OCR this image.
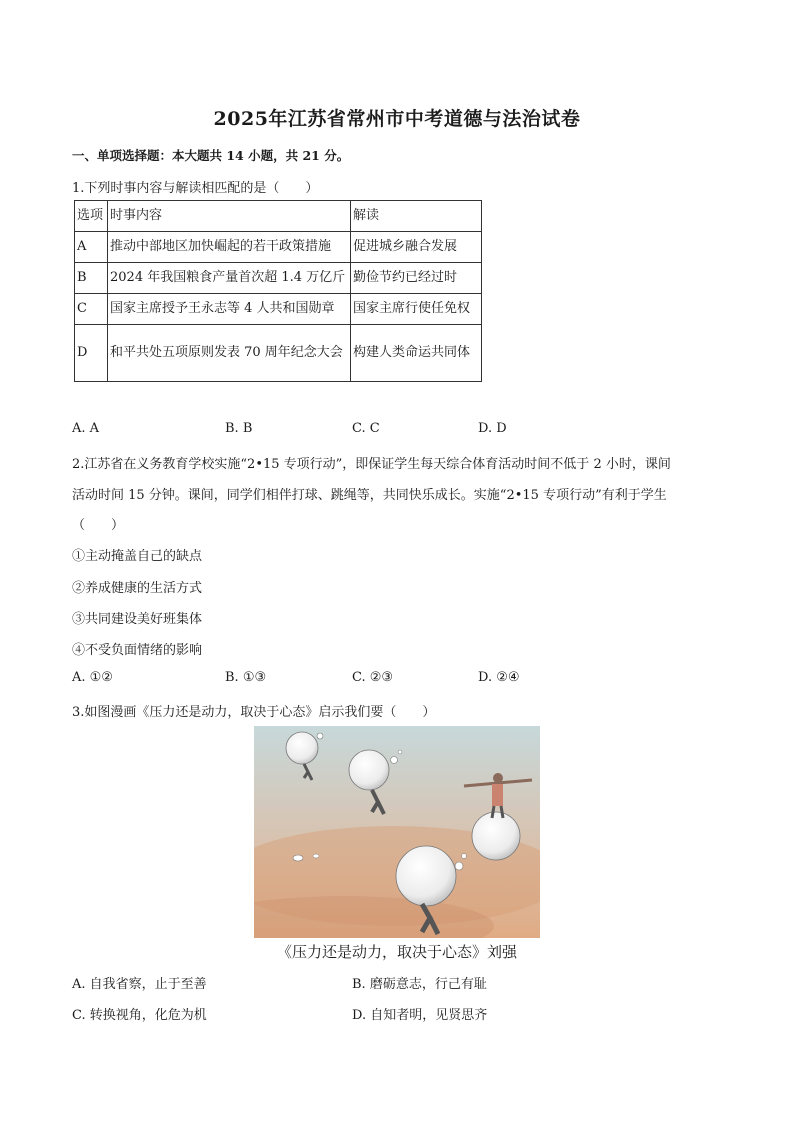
2025年江苏省常州市中考道德与法治试卷
一、单项选择题：本大题共 14 小题，共 21 分。
1.下列时事内容与解读相匹配的是（　　）
选项	时事内容	解读
A	推动中部地区加快崛起的若干政策措施	促进城乡融合发展
B	2024 年我国粮食产量首次超 1.4 万亿斤	勤俭节约已经过时
C	国家主席授予王永志等 4 人共和国勋章	国家主席行使任免权
D	和平共处五项原则发表 70 周年纪念大会	构建人类命运共同体
A. A	B. B	C. C	D. D
2.江苏省在义务教育学校实施“2•15 专项行动”，即保证学生每天综合体育活动时间不低于 2 小时，课间
活动时间 15 分钟。课间，同学们相伴打球、跳绳等，共同快乐成长。实施“2•15 专项行动”有利于学生
（　　）
①主动掩盖自己的缺点
②养成健康的生活方式
③共同建设美好班集体
④不受负面情绪的影响
A. ①②	B. ①③	C. ②③	D. ②④
3.如图漫画《压力还是动力，取决于心态》启示我们要（　　）
《压力还是动力，取决于心态》刘强
A. 自我省察，止于至善	B. 磨砺意志，行己有耻
C. 转换视角，化危为机	D. 自知者明，见贤思齐
